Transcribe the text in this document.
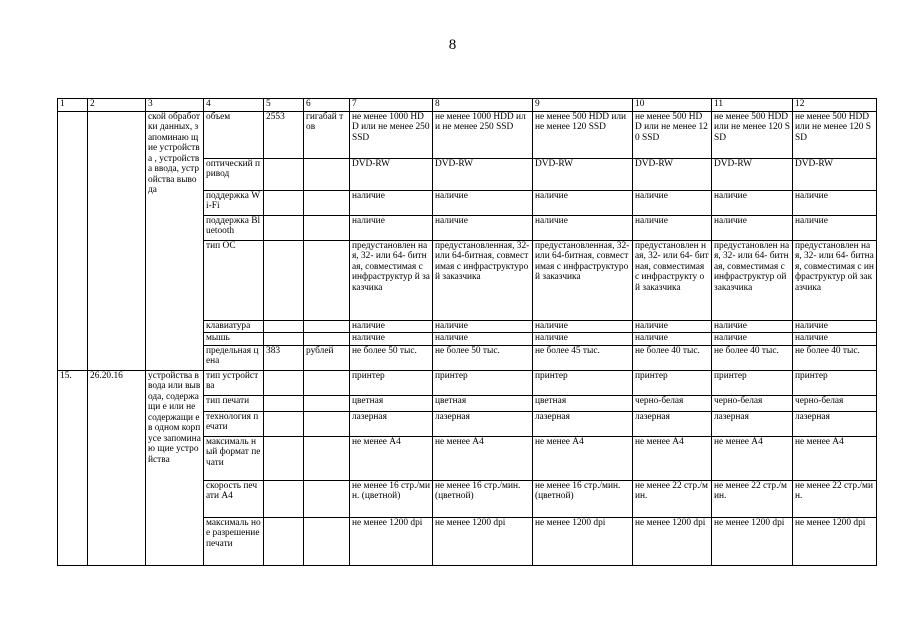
8
1	2	3	4	5	6	7	8	9	10	11	12
		ской обработки данных, запоминаю щие устройства , устройства ввода, устройства вывода	объем	2553	гигабай тов	не менее 1000 HDD или не менее 250 SSD	не менее 1000 HDD или не менее 250 SSD	не менее 500 HDD или не менее 120 SSD	не менее 500 HDD или не менее 120 SSD	не менее 500 HDD или не менее 120 SSD	не менее 500 HDD или не менее 120 SSD
			оптический привод			DVD-RW	DVD-RW	DVD-RW	DVD-RW	DVD-RW	DVD-RW
			поддержка Wi-Fi			наличие	наличие	наличие	наличие	наличие	наличие
			поддержка Bluetooth			наличие	наличие	наличие	наличие	наличие	наличие
			тип ОС			предустановлен ная, 32- или 64- битная, совместимая с инфраструктур й заказчика	предустановленная, 32- или 64-битная, совместимая с инфраструктурой заказчика	предустановленная, 32- или 64-битная, совместимая с инфраструктурой заказчика	предустановлен ная, 32- или 64- битная, совместимая с инфраструкту ой заказчика	предустановлен ная, 32- или 64- битная, совместимая с инфраструктур ой заказчика	предустановлен ная, 32- или 64- битная, совместимая с инфраструктур ой заказчика
			клавиатура			наличие	наличие	наличие	наличие	наличие	наличие
			мышь			наличие	наличие	наличие	наличие	наличие	наличие
			предельная цена	383	рублей	не более 50 тыс.	не более 50 тыс.	не более 45 тыс.	не более 40 тыс.	не более 40 тыс.	не более 40 тыс.
15.	26.20.16	устройства ввода или вывода, содержащи е или не содержащи е в одном корпусе запоминаю щие устройства	тип устройства			принтер	принтер	принтер	принтер	принтер	принтер
			тип печати			цветная	цветная	цветная	черно-белая	черно-белая	черно-белая
			технология печати			лазерная	лазерная	лазерная	лазерная	лазерная	лазерная
			максималь ный формат печати			не менее А4	не менее А4	не менее А4	не менее А4	не менее А4	не менее А4
			скорость печати А4			не менее 16 стр./мин. (цветной)	не менее 16 стр./мин. (цветной)	не менее 16 стр./мин. (цветной)	не менее 22 стр./мин.	не менее 22 стр./мин.	не менее 22 стр./мин.
			максималь ное разрешение печати			не менее 1200 dpi	не менее 1200 dpi	не менее 1200 dpi	не менее 1200 dpi	не менее 1200 dpi	не менее 1200 dpi
